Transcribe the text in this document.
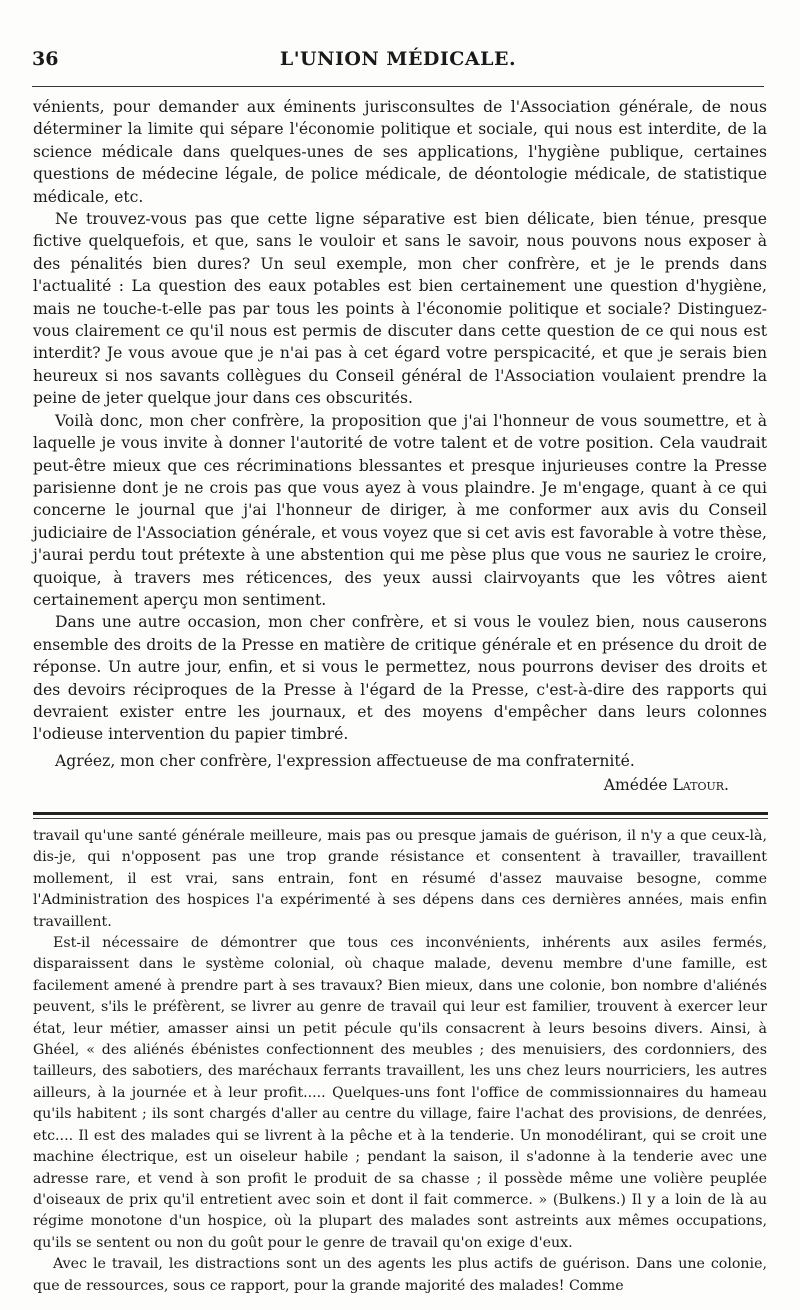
36	L'UNION MÉDICALE.

vénients, pour demander aux éminents jurisconsultes de l'Association générale, de nous déterminer la limite qui sépare l'économie politique et sociale, qui nous est interdite, de la science médicale dans quelques-unes de ses applications, l'hygiène publique, certaines questions de médecine légale, de police médicale, de déontologie médicale, de statistique médicale, etc.

Ne trouvez-vous pas que cette ligne séparative est bien délicate, bien ténue, presque fictive quelquefois, et que, sans le vouloir et sans le savoir, nous pouvons nous exposer à des pénalités bien dures? Un seul exemple, mon cher confrère, et je le prends dans l'actualité : La question des eaux potables est bien certainement une question d'hygiène, mais ne touche-t-elle pas par tous les points à l'économie politique et sociale? Distinguez-vous clairement ce qu'il nous est permis de discuter dans cette question de ce qui nous est interdit? Je vous avoue que je n'ai pas à cet égard votre perspicacité, et que je serais bien heureux si nos savants collègues du Conseil général de l'Association voulaient prendre la peine de jeter quelque jour dans ces obscurités.

Voilà donc, mon cher confrère, la proposition que j'ai l'honneur de vous soumettre, et à laquelle je vous invite à donner l'autorité de votre talent et de votre position. Cela vaudrait peut-être mieux que ces récriminations blessantes et presque injurieuses contre la Presse parisienne dont je ne crois pas que vous ayez à vous plaindre. Je m'engage, quant à ce qui concerne le journal que j'ai l'honneur de diriger, à me conformer aux avis du Conseil judiciaire de l'Association générale, et vous voyez que si cet avis est favorable à votre thèse, j'aurai perdu tout prétexte à une abstention qui me pèse plus que vous ne sauriez le croire, quoique, à travers mes réticences, des yeux aussi clairvoyants que les vôtres aient certainement aperçu mon sentiment.

Dans une autre occasion, mon cher confrère, et si vous le voulez bien, nous causerons ensemble des droits de la Presse en matière de critique générale et en présence du droit de réponse. Un autre jour, enfin, et si vous le permettez, nous pourrons deviser des droits et des devoirs réciproques de la Presse à l'égard de la Presse, c'est-à-dire des rapports qui devraient exister entre les journaux, et des moyens d'empêcher dans leurs colonnes l'odieuse intervention du papier timbré.

Agréez, mon cher confrère, l'expression affectueuse de ma confraternité.

Amédée Latour.

travail qu'une santé générale meilleure, mais pas ou presque jamais de guérison, il n'y a que ceux-là, dis-je, qui n'opposent pas une trop grande résistance et consentent à travailler, travaillent mollement, il est vrai, sans entrain, font en résumé d'assez mauvaise besogne, comme l'Administration des hospices l'a expérimenté à ses dépens dans ces dernières années, mais enfin travaillent.

Est-il nécessaire de démontrer que tous ces inconvénients, inhérents aux asiles fermés, disparaissent dans le système colonial, où chaque malade, devenu membre d'une famille, est facilement amené à prendre part à ses travaux? Bien mieux, dans une colonie, bon nombre d'aliénés peuvent, s'ils le préfèrent, se livrer au genre de travail qui leur est familier, trouvent à exercer leur état, leur métier, amasser ainsi un petit pécule qu'ils consacrent à leurs besoins divers. Ainsi, à Ghéel, « des aliénés ébénistes confectionnent des meubles ; des menuisiers, des cordonniers, des tailleurs, des sabotiers, des maréchaux ferrants travaillent, les uns chez leurs nourriciers, les autres ailleurs, à la journée et à leur profit..... Quelques-uns font l'office de commissionnaires du hameau qu'ils habitent ; ils sont chargés d'aller au centre du village, faire l'achat des provisions, de denrées, etc.... Il est des malades qui se livrent à la pêche et à la tenderie. Un monodélirant, qui se croit une machine électrique, est un oiseleur habile ; pendant la saison, il s'adonne à la tenderie avec une adresse rare, et vend à son profit le produit de sa chasse ; il possède même une volière peuplée d'oiseaux de prix qu'il entretient avec soin et dont il fait commerce. » (Bulkens.) Il y a loin de là au régime monotone d'un hospice, où la plupart des malades sont astreints aux mêmes occupations, qu'ils se sentent ou non du goût pour le genre de travail qu'on exige d'eux.

Avec le travail, les distractions sont un des agents les plus actifs de guérison. Dans une colonie, que de ressources, sous ce rapport, pour la grande majorité des malades! Comme
